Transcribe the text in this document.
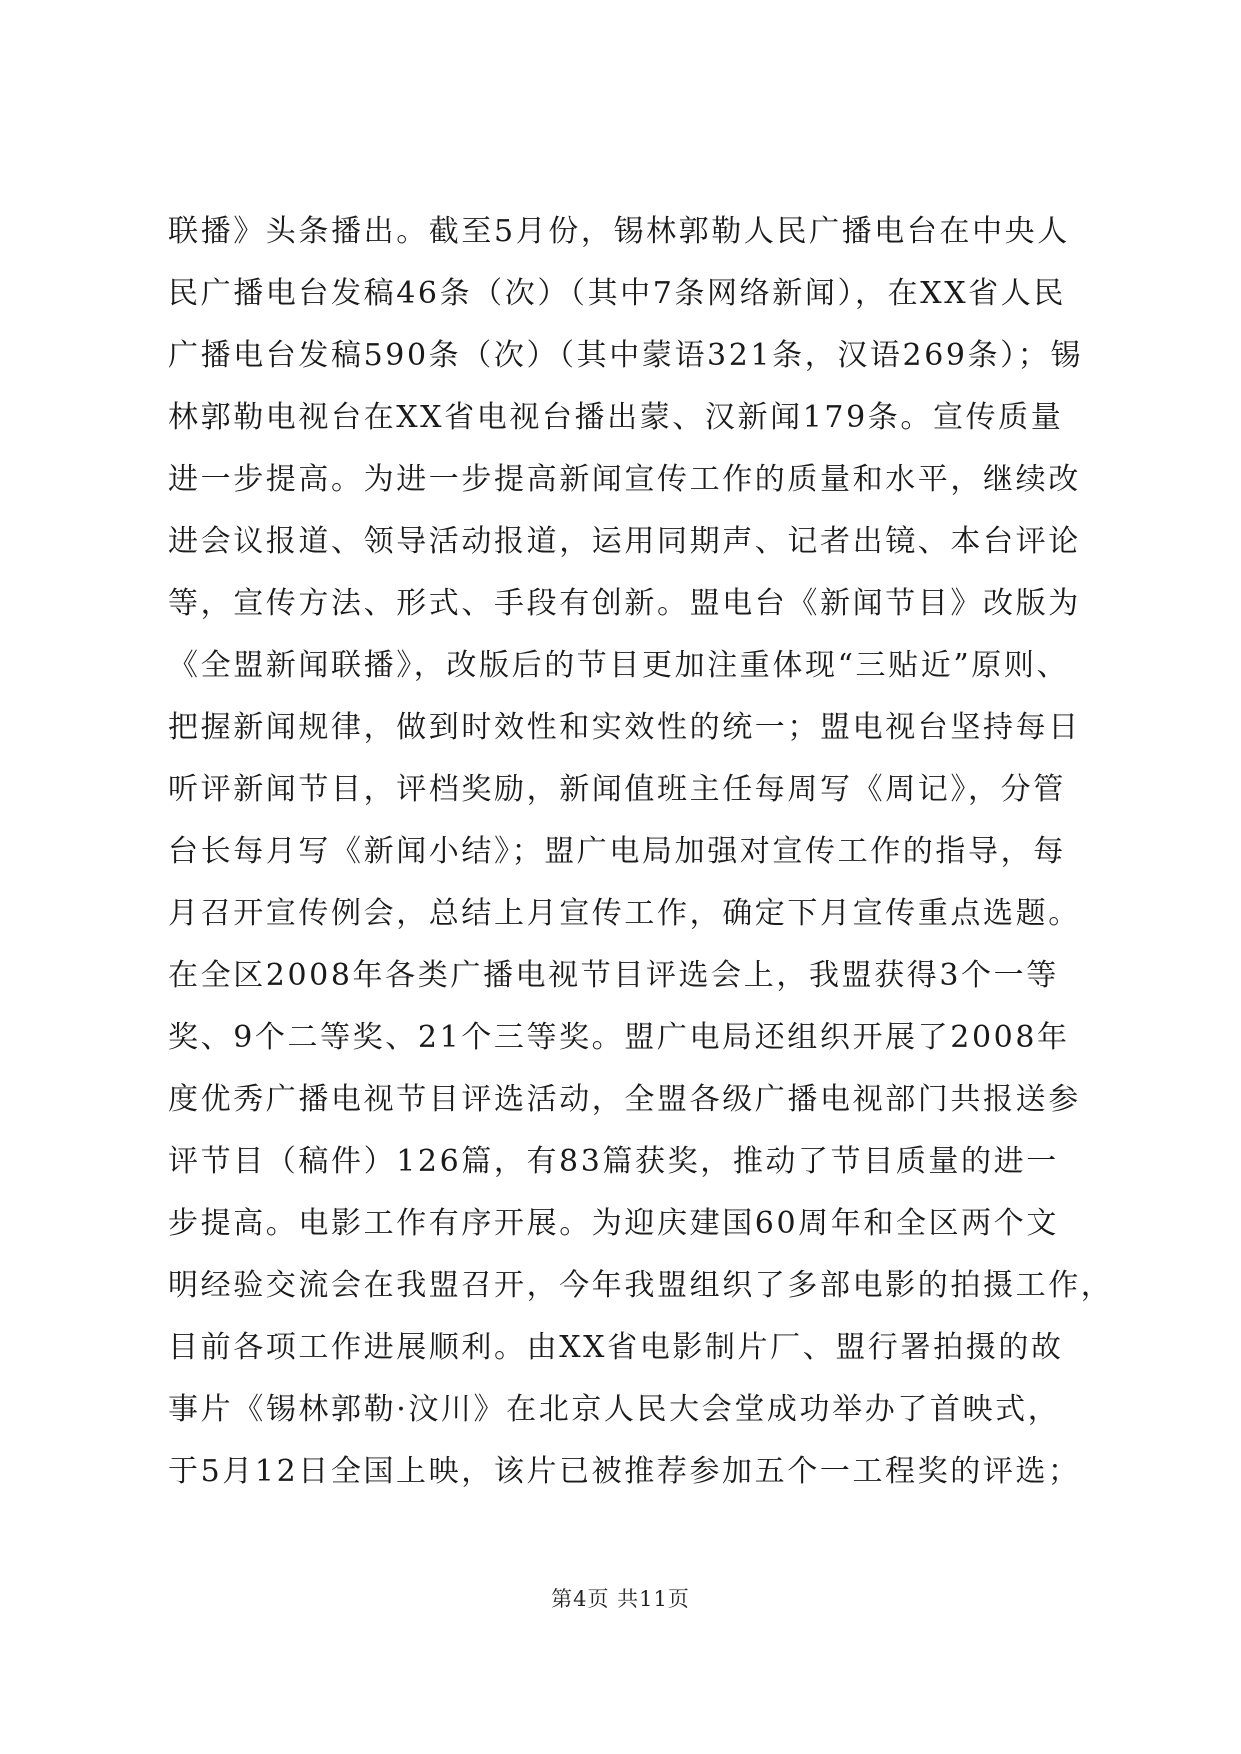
联播》头条播出。截至5月份，锡林郭勒人民广播电台在中央人
民广播电台发稿46条（次）（其中7条网络新闻），在XX省人民
广播电台发稿590条（次）（其中蒙语321条，汉语269条）；锡
林郭勒电视台在XX省电视台播出蒙、汉新闻179条。宣传质量
进一步提高。为进一步提高新闻宣传工作的质量和水平，继续改
进会议报道、领导活动报道，运用同期声、记者出镜、本台评论
等，宣传方法、形式、手段有创新。盟电台《新闻节目》改版为
《全盟新闻联播》，改版后的节目更加注重体现“三贴近”原则、
把握新闻规律，做到时效性和实效性的统一；盟电视台坚持每日
听评新闻节目，评档奖励，新闻值班主任每周写《周记》，分管
台长每月写《新闻小结》；盟广电局加强对宣传工作的指导，每
月召开宣传例会，总结上月宣传工作，确定下月宣传重点选题。
在全区2008年各类广播电视节目评选会上，我盟获得3个一等
奖、9个二等奖、21个三等奖。盟广电局还组织开展了2008年
度优秀广播电视节目评选活动，全盟各级广播电视部门共报送参
评节目（稿件）126篇，有83篇获奖，推动了节目质量的进一
步提高。电影工作有序开展。为迎庆建国60周年和全区两个文
明经验交流会在我盟召开，今年我盟组织了多部电影的拍摄工作，
目前各项工作进展顺利。由XX省电影制片厂、盟行署拍摄的故
事片《锡林郭勒·汶川》在北京人民大会堂成功举办了首映式，
于5月12日全国上映，该片已被推荐参加五个一工程奖的评选；
第4页 共11页
